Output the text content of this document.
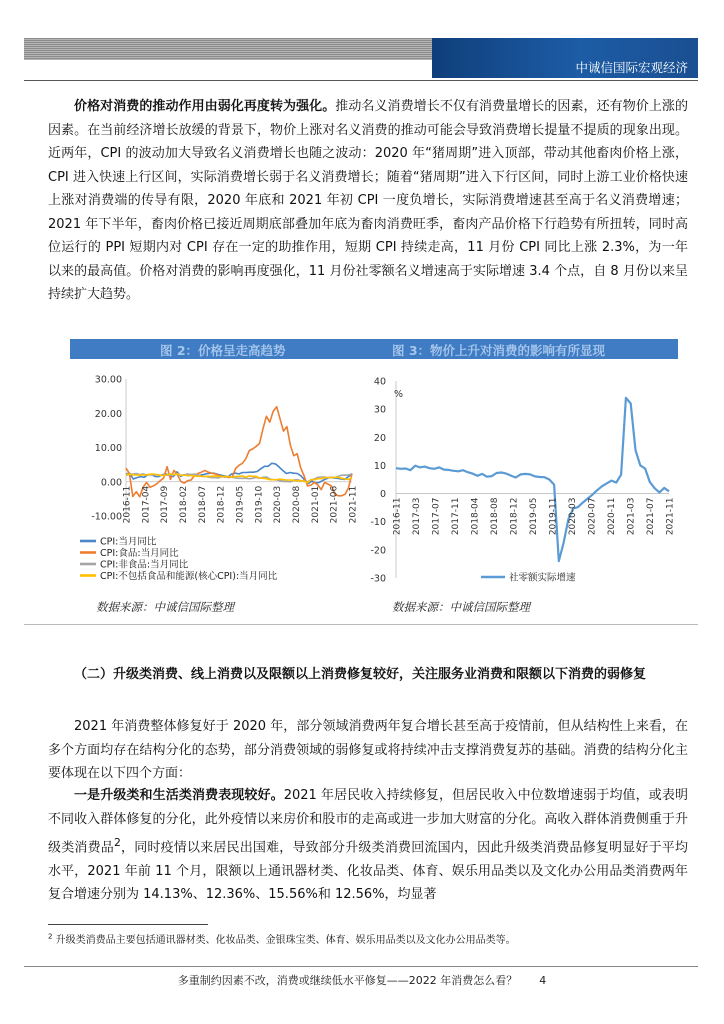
中诚信国际宏观经济

价格对消费的推动作用由弱化再度转为强化。推动名义消费增长不仅有消费量增长的因素，还有物价上涨的因素。在当前经济增长放缓的背景下，物价上涨对名义消费的推动可能会导致消费增长提量不提质的现象出现。近两年，CPI 的波动加大导致名义消费增长也随之波动：2020 年“猪周期”进入顶部，带动其他畜肉价格上涨，CPI 进入快速上行区间，实际消费增长弱于名义消费增长；随着“猪周期”进入下行区间，同时上游工业价格快速上涨对消费端的传导有限，2020 年底和 2021 年初 CPI 一度负增长，实际消费增速甚至高于名义消费增速；2021 年下半年，畜肉价格已接近周期底部叠加年底为畜肉消费旺季，畜肉产品价格下行趋势有所扭转，同时高位运行的 PPI 短期内对 CPI 存在一定的助推作用，短期 CPI 持续走高，11 月份 CPI 同比上涨 2.3%，为一年以来的最高值。价格对消费的影响再度强化，11 月份社零额名义增速高于实际增速 3.4 个点，自 8 月份以来呈持续扩大趋势。

图 2：价格呈走高趋势	图 3：物价上升对消费的影响有所显现
30.00
20.00
10.00
0.00
-10.00 2016-11 2017-04 2017-09 2018-02 2018-07 2018-12 2019-05 2019-10 2020-03 2020-08 2021-01 2021-06 2021-11
CPI:当月同比
CPI:食品:当月同比
CPI:非食品:当月同比
CPI:不包括食品和能源(核心CPI):当月同比
40
30
20
10
0
-10
-20
-30
%
2016-11 2017-03 2017-07 2017-11 2018-04 2018-08 2018-12 2019-05 2019-11 2020-03 2020-07 2020-11 2021-03 2021-07 2021-11
社零额实际增速
数据来源：中诚信国际整理	数据来源：中诚信国际整理

（二）升级类消费、线上消费以及限额以上消费修复较好，关注服务业消费和限额以下消费的弱修复

2021 年消费整体修复好于 2020 年，部分领域消费两年复合增长甚至高于疫情前，但从结构性上来看，在多个方面均存在结构分化的态势，部分消费领域的弱修复或将持续冲击支撑消费复苏的基础。消费的结构分化主要体现在以下四个方面：

一是升级类和生活类消费表现较好。2021 年居民收入持续修复，但居民收入中位数增速弱于均值，或表明不同收入群体修复的分化，此外疫情以来房价和股市的走高或进一步加大财富的分化。高收入群体消费侧重于升级类消费品$^2$，同时疫情以来居民出国难，导致部分升级类消费回流国内，因此升级类消费品修复明显好于平均水平，2021 年前 11 个月，限额以上通讯器材类、化妆品类、体育、娱乐用品类以及文化办公用品类消费两年复合增速分别为 14.13%、12.36%、15.56%和 12.56%，均显著

$^2$ 升级类消费品主要包括通讯器材类、化妆品类、金银珠宝类、体育、娱乐用品类以及文化办公用品类等。
多重制约因素不改，消费或继续低水平修复——2022 年消费怎么看？ 4
